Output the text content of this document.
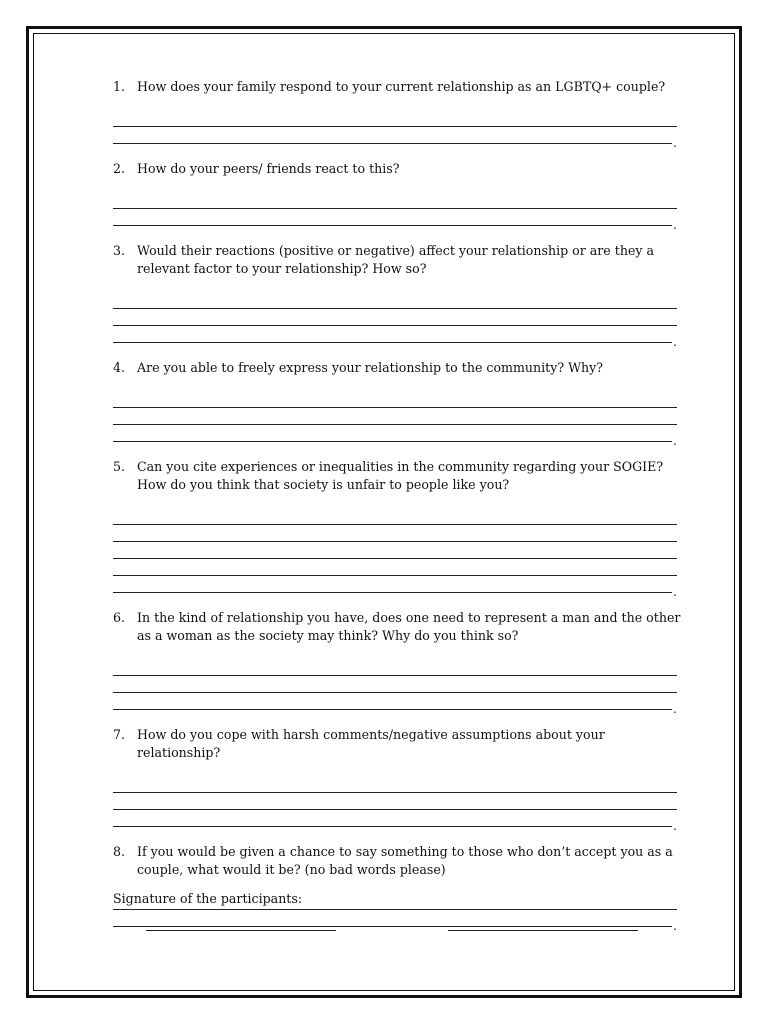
1. How does your family respond to your current relationship as an LGBTQ+ couple?

.

2. How do your peers/ friends react to this?

.

3. Would their reactions (positive or negative) affect your relationship or are they a relevant factor to your relationship? How so?

.

4. Are you able to freely express your relationship to the community? Why?

.

5. Can you cite experiences or inequalities in the community regarding your SOGIE? How do you think that society is unfair to people like you?

.

6. In the kind of relationship you have, does one need to represent a man and the other as a woman as the society may think? Why do you think so?

.

7. How do you cope with harsh comments/negative assumptions about your relationship?

.

8. If you would be given a chance to say something to those who don’t accept you as a couple, what would it be? (no bad words please)

.

Signature of the participants:
